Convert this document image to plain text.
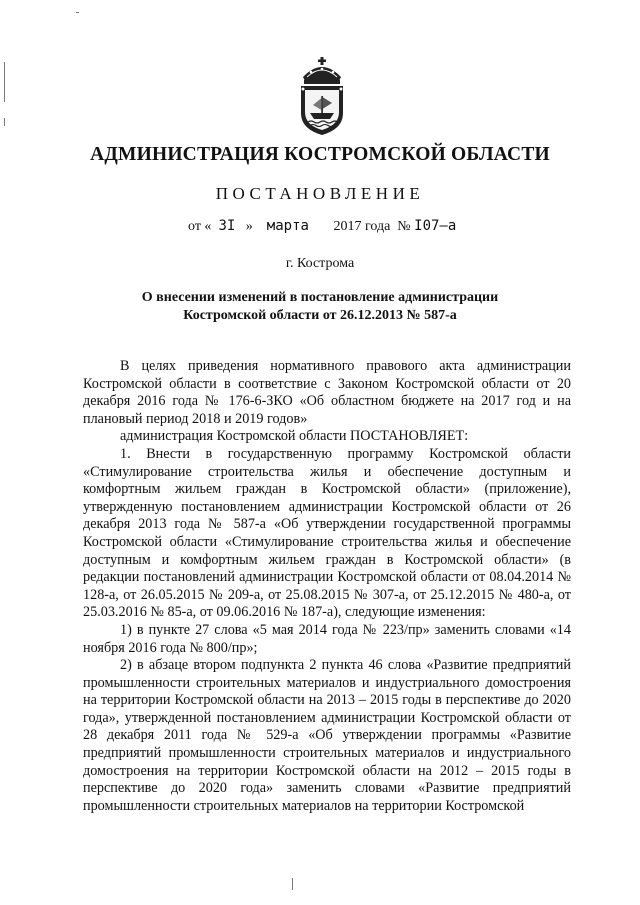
АДМИНИСТРАЦИЯ КОСТРОМСКОЙ ОБЛАСТИ
ПОСТАНОВЛЕНИЕ
от « 3I » марта 2017 года № I07–а
г. Кострома
О внесении изменений в постановление администрации
Костромской области от 26.12.2013 № 587-а

В целях приведения нормативного правового акта администрации Костромской области в соответствие с Законом Костромской области от 20 декабря 2016 года № 176-6-ЗКО «Об областном бюджете на 2017 год и на плановый период 2018 и 2019 годов»

администрация Костромской области ПОСТАНОВЛЯЕТ:

1. Внести в государственную программу Костромской области «Стимулирование строительства жилья и обеспечение доступным и комфортным жильем граждан в Костромской области» (приложение), утвержденную постановлением администрации Костромской области от 26 декабря 2013 года № 587-а «Об утверждении государственной программы Костромской области «Стимулирование строительства жилья и обеспечение доступным и комфортным жильем граждан в Костромской области» (в редакции постановлений администрации Костромской области от 08.04.2014 № 128-а, от 26.05.2015 № 209-а, от 25.08.2015 № 307-а, от 25.12.2015 № 480-а, от 25.03.2016 № 85-а, от 09.06.2016 № 187-а), следующие изменения:

1) в пункте 27 слова «5 мая 2014 года № 223/пр» заменить словами «14 ноября 2016 года № 800/пр»;

2) в абзаце втором подпункта 2 пункта 46 слова «Развитие предприятий промышленности строительных материалов и индустриального домостроения на территории Костромской области на 2013 – 2015 годы в перспективе до 2020 года», утвержденной постановлением администрации Костромской области от 28 декабря 2011 года № 529-а «Об утверждении программы «Развитие предприятий промышленности строительных материалов и индустриального домостроения на территории Костромской области на 2012 – 2015 годы в перспективе до 2020 года» заменить словами «Развитие предприятий промышленности строительных материалов на территории Костромской
